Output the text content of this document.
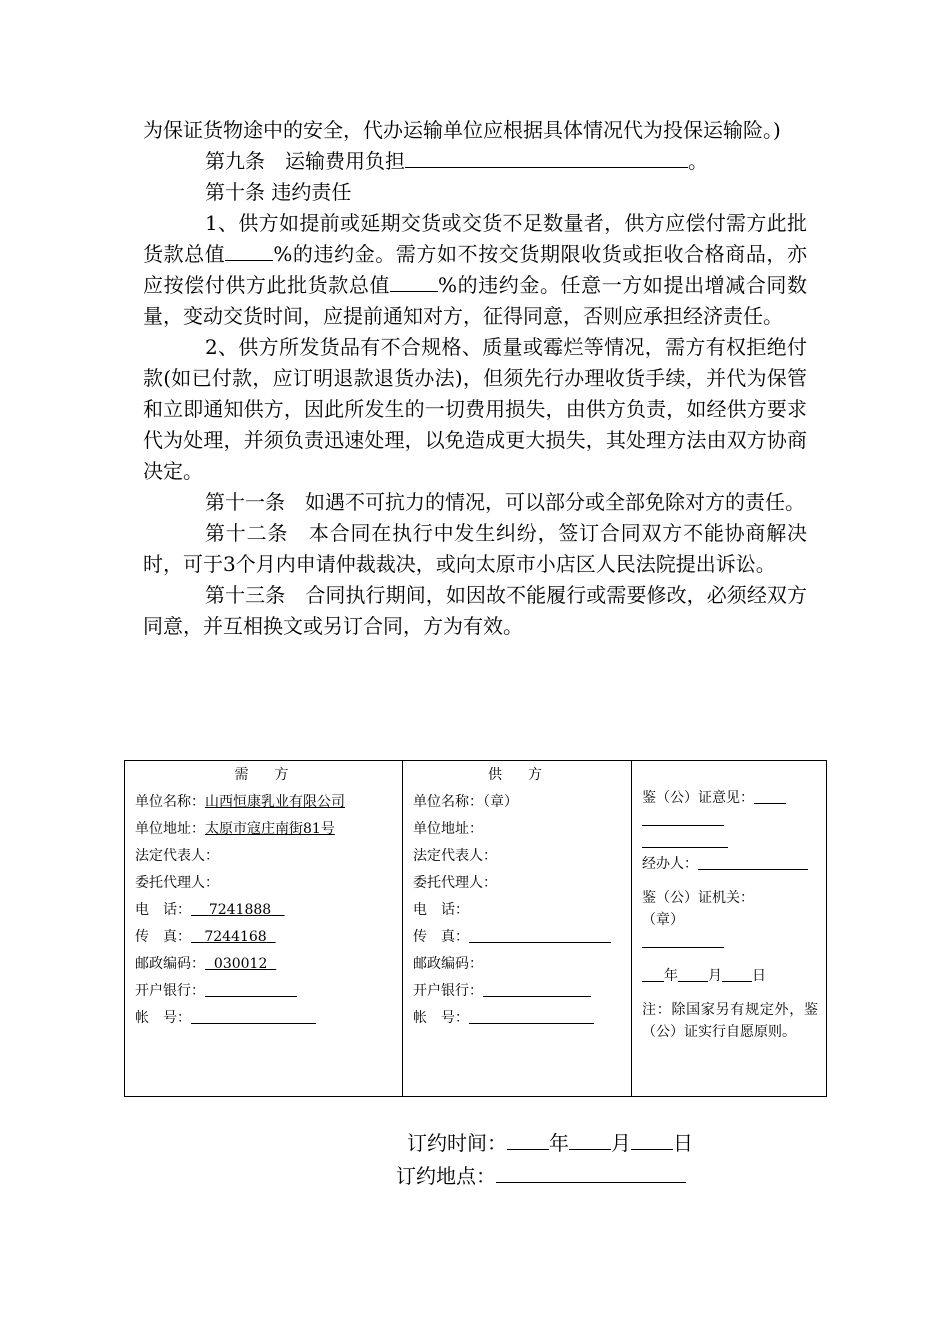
为保证货物途中的安全，代办运输单位应根据具体情况代为投保运输险。)

第九条　运输费用负担	。

第十条 违约责任

1、供方如提前或延期交货或交货不足数量者，供方应偿付需方此批货款总值 %的违约金。需方如不按交货期限收货或拒收合格商品，亦应按偿付供方此批货款总值 %的违约金。任意一方如提出增减合同数量，变动交货时间，应提前通知对方，征得同意，否则应承担经济责任。

2、供方所发货品有不合规格、质量或霉烂等情况，需方有权拒绝付款(如已付款，应订明退款退货办法)，但须先行办理收货手续，并代为保管和立即通知供方，因此所发生的一切费用损失，由供方负责，如经供方要求代为处理，并须负责迅速处理，以免造成更大损失，其处理方法由双方协商决定。

第十一条　如遇不可抗力的情况，可以部分或全部免除对方的责任。

第十二条　本合同在执行中发生纠纷，签订合同双方不能协商解决时，可于3个月内申请仲裁裁决，或向太原市小店区人民法院提出诉讼。

第十三条　合同执行期间，如因故不能履行或需要修改，必须经双方同意，并互相换文或另订合同，方为有效。

需　方
单位名称：山西恒康乳业有限公司
单位地址：太原市寇庄南街81号
法定代表人：
委托代理人：
电　话： 7241888
传　真： 7244168
邮政编码： 030012
开户银行：
帐　号：

供　方
单位名称：（章）
单位地址：
法定代表人：
委托代理人：
电　话：
传　真：
邮政编码：
开户银行：
帐　号：

鉴（公）证意见：

经办人：

鉴（公）证机关：

（章）

年 月 日

注：除国家另有规定外，鉴（公）证实行自愿原则。

订约时间： 年 月 日
订约地点：
